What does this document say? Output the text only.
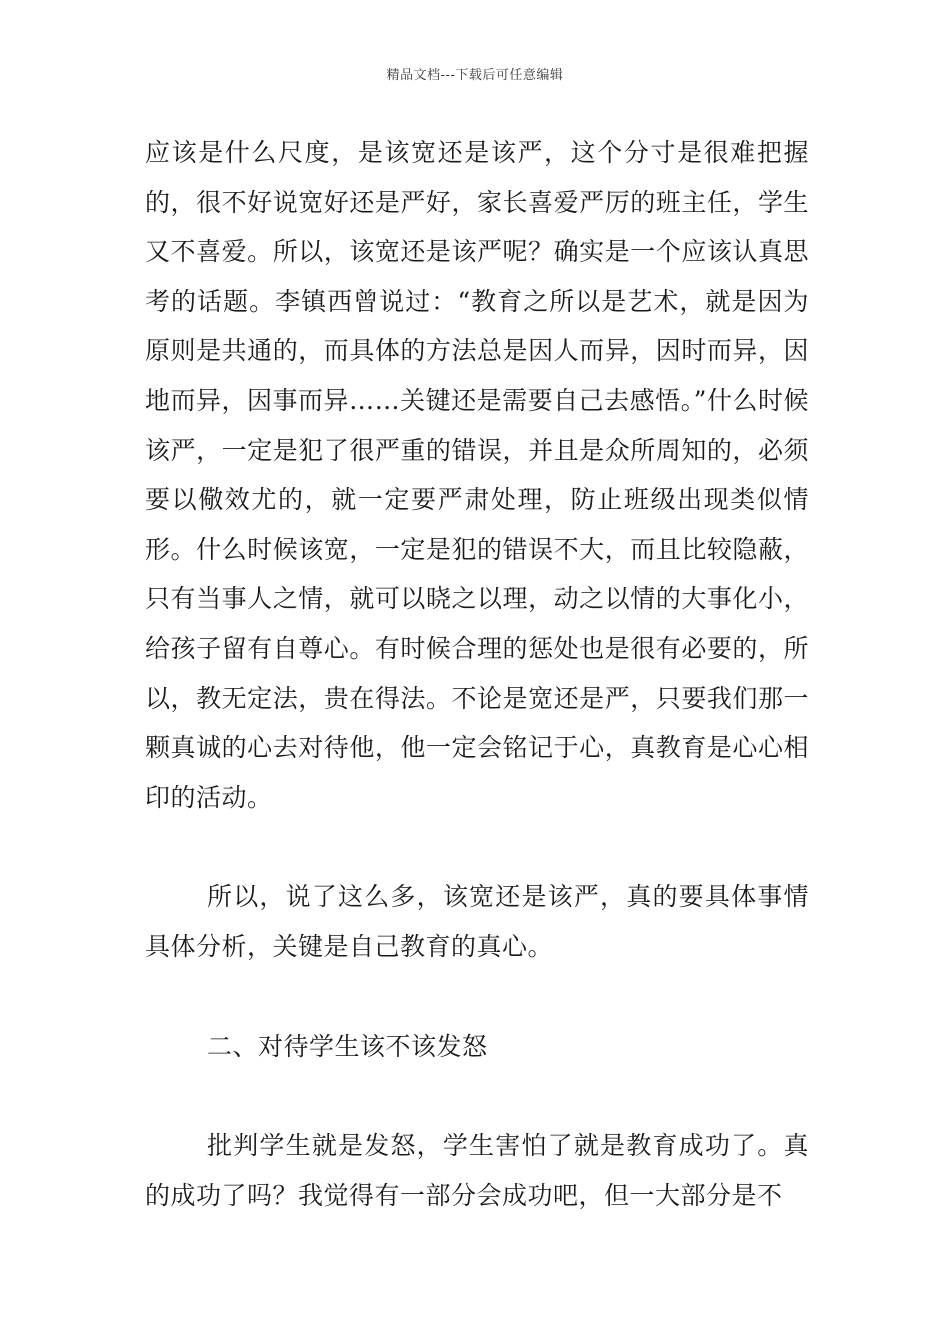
精品文档---下载后可任意编辑

应该是什么尺度，是该宽还是该严，这个分寸是很难把握的，很不好说宽好还是严好，家长喜爱严厉的班主任，学生又不喜爱。所以，该宽还是该严呢？确实是一个应该认真思考的话题。李镇西曾说过：“教育之所以是艺术，就是因为原则是共通的，而具体的方法总是因人而异，因时而异，因地而异，因事而异……关键还是需要自己去感悟。”什么时候该严，一定是犯了很严重的错误，并且是众所周知的，必须要以儆效尤的，就一定要严肃处理，防止班级出现类似情形。什么时候该宽，一定是犯的错误不大，而且比较隐蔽，只有当事人之情，就可以晓之以理，动之以情的大事化小，给孩子留有自尊心。有时候合理的惩处也是很有必要的，所以，教无定法，贵在得法。不论是宽还是严，只要我们那一颗真诚的心去对待他，他一定会铭记于心，真教育是心心相印的活动。

所以，说了这么多，该宽还是该严，真的要具体事情具体分析，关键是自己教育的真心。

二、对待学生该不该发怒

批判学生就是发怒，学生害怕了就是教育成功了。真的成功了吗？我觉得有一部分会成功吧，但一大部分是不
